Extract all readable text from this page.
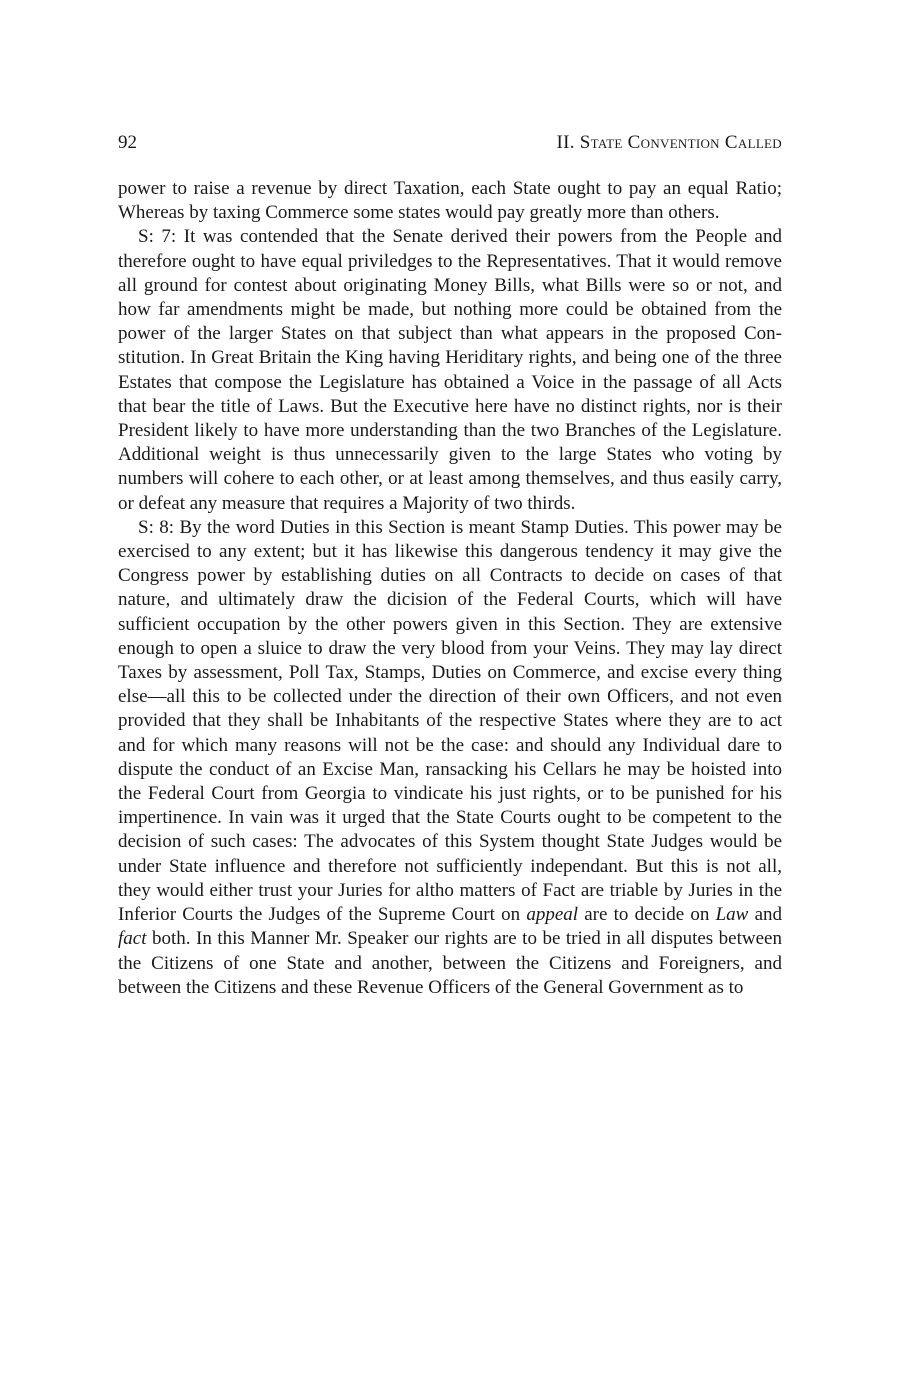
92	II. State Convention Called

power to raise a revenue by direct Taxation, each State ought to pay an equal Ratio; Whereas by taxing Commerce some states would pay greatly more than others.

S: 7: It was contended that the Senate derived their powers from the People and therefore ought to have equal priviledges to the Representatives. That it would remove all ground for contest about originating Money Bills, what Bills were so or not, and how far amendments might be made, but nothing more could be obtained from the power of the larger States on that subject than what appears in the proposed Constitution. In Great Britain the King having Heriditary rights, and being one of the three Estates that compose the Legislature has obtained a Voice in the passage of all Acts that bear the title of Laws. But the Executive here have no distinct rights, nor is their President likely to have more understanding than the two Branches of the Legislature. Additional weight is thus unnecessarily given to the large States who voting by numbers will cohere to each other, or at least among themselves, and thus easily carry, or defeat any measure that requires a Majority of two thirds.

S: 8: By the word Duties in this Section is meant Stamp Duties. This power may be exercised to any extent; but it has likewise this dangerous tendency it may give the Congress power by establishing duties on all Contracts to decide on cases of that nature, and ultimately draw the dicision of the Federal Courts, which will have sufficient occupation by the other powers given in this Section. They are extensive enough to open a sluice to draw the very blood from your Veins. They may lay direct Taxes by assessment, Poll Tax, Stamps, Duties on Commerce, and excise every thing else—all this to be collected under the direction of their own Officers, and not even provided that they shall be Inhabitants of the respective States where they are to act and for which many reasons will not be the case: and should any Individual dare to dispute the conduct of an Excise Man, ransacking his Cellars he may be hoisted into the Federal Court from Georgia to vindicate his just rights, or to be punished for his impertinence. In vain was it urged that the State Courts ought to be competent to the decision of such cases: The advocates of this System thought State Judges would be under State influence and therefore not sufficiently independant. But this is not all, they would either trust your Juries for altho matters of Fact are triable by Juries in the Inferior Courts the Judges of the Supreme Court on appeal are to decide on Law and fact both. In this Manner Mr. Speaker our rights are to be tried in all disputes between the Citizens of one State and another, between the Citizens and Foreigners, and between the Citizens and these Revenue Officers of the General Government as to
